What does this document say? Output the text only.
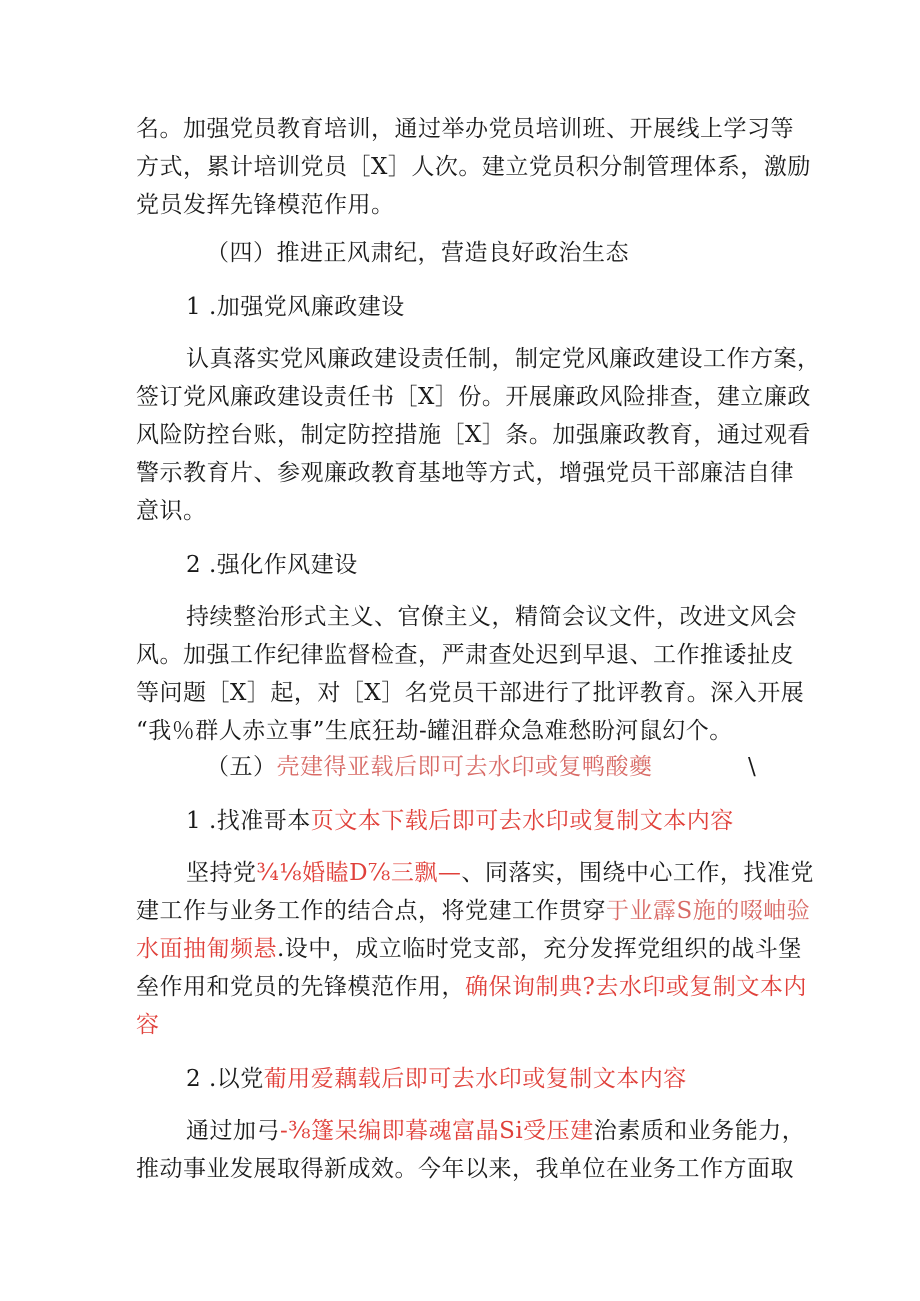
名。加强党员教育培训，通过举办党员培训班、开展线上学习等
方式，累计培训党员［X］人次。建立党员积分制管理体系，激励
党员发挥先锋模范作用。
（四）推进正风肃纪，营造良好政治生态
1 .加强党风廉政建设
认真落实党风廉政建设责任制，制定党风廉政建设工作方案，
签订党风廉政建设责任书［X］份。开展廉政风险排查，建立廉政
风险防控台账，制定防控措施［X］条。加强廉政教育，通过观看
警示教育片、参观廉政教育基地等方式，增强党员干部廉洁自律
意识。
2 .强化作风建设
持续整治形式主义、官僚主义，精简会议文件，改进文风会
风。加强工作纪律监督检查，严肃查处迟到早退、工作推诿扯皮
等问题［X］起，对［X］名党员干部进行了批评教育。深入开展
“我％群人赤立事”生底狂劫-罐沮群众急难愁盼河鼠幻个。
（五）壳建得亚载后即可去水印或复鸭酸夔	\
1 .找准哥本页文本下载后即可去水印或复制文本内容
坚持党¾⅛婚瞌D⅞三飘—、同落实，围绕中心工作，找准党
建工作与业务工作的结合点，将党建工作贯穿于业霹S施的啜岫验
水面抽匍频悬.设中，成立临时党支部，充分发挥党组织的战斗堡
垒作用和党员的先锋模范作用，确保询制典?去水印或复制文本内
容
2 .以党葡用爱藕载后即可去水印或复制文本内容
通过加弓-⅜篷呆编即暮魂富晶Si受压建治素质和业务能力，
推动事业发展取得新成效。今年以来，我单位在业务工作方面取
